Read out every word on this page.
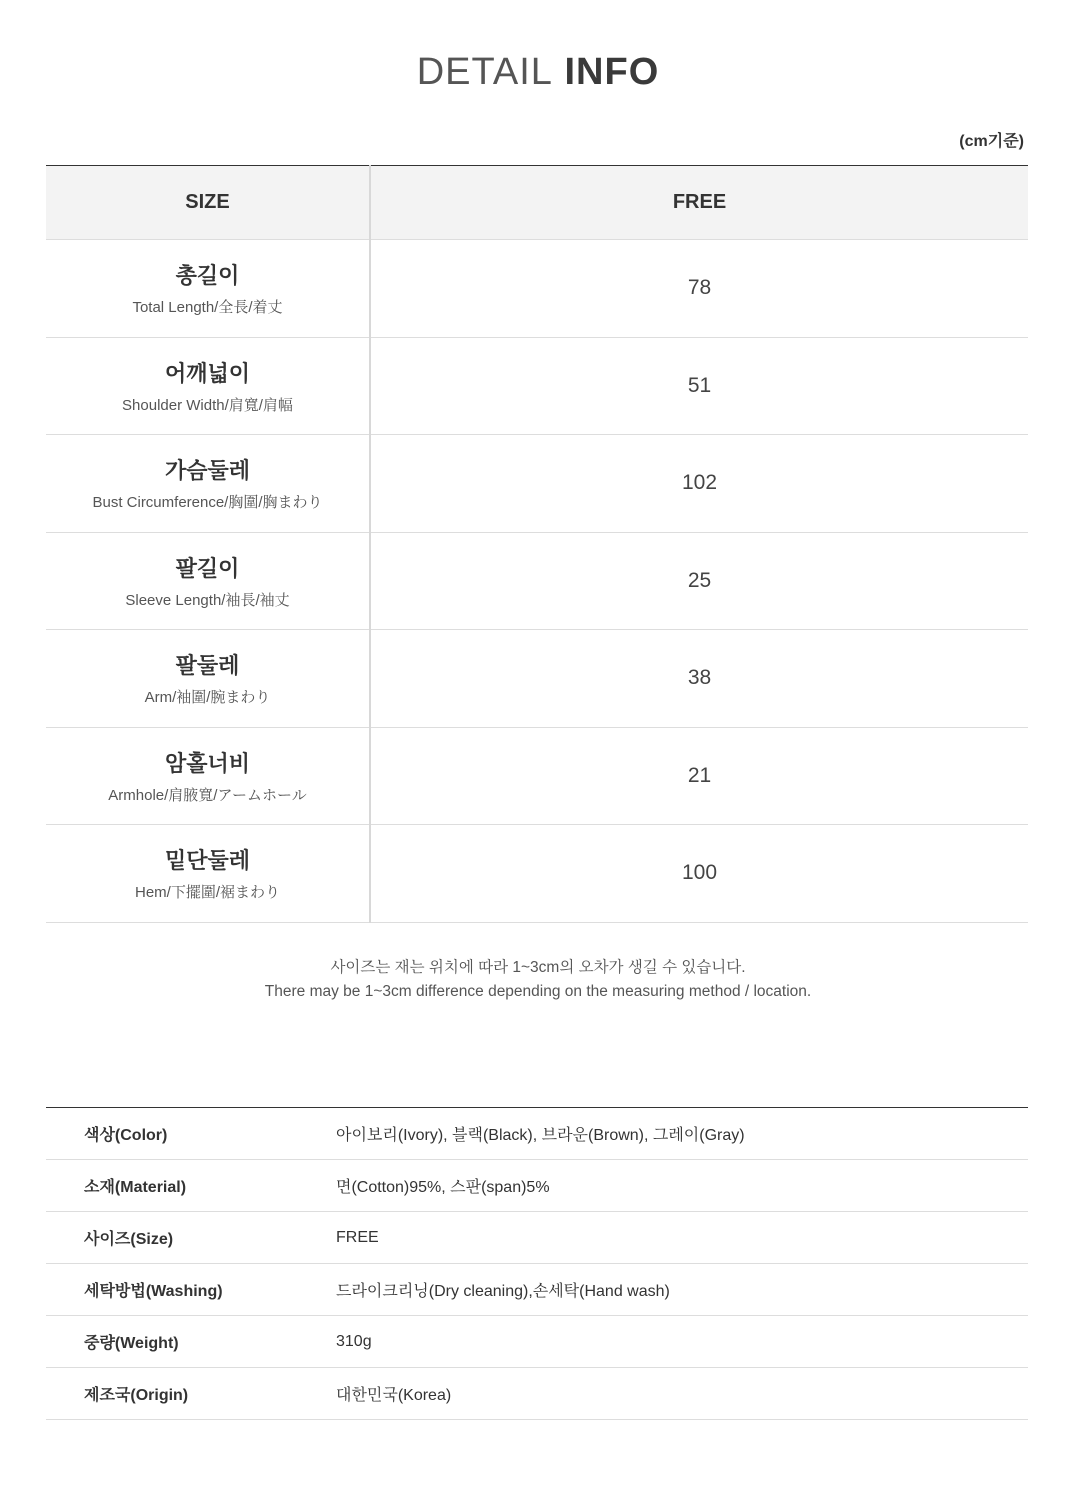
DETAIL INFO
(cm기준)
SIZE	FREE

총길이
Total Length/全長/着丈	78

어깨넓이
Shoulder Width/肩寬/肩幅	51

가슴둘레
Bust Circumference/胸圍/胸まわり	102

팔길이
Sleeve Length/袖長/袖丈	25

팔둘레
Arm/袖圍/腕まわり	38

암홀너비
Armhole/肩腋寬/アームホール	21

밑단둘레
Hem/下擺圍/裾まわり	100
사이즈는 재는 위치에 따라 1~3cm의 오차가 생길 수 있습니다.
There may be 1~3cm difference depending on the measuring method / location.
색상(Color)	아이보리(Ivory), 블랙(Black), 브라운(Brown), 그레이(Gray)
소재(Material)	면(Cotton)95%, 스판(span)5%
사이즈(Size)	FREE
세탁방법(Washing)	드라이크리닝(Dry cleaning),손세탁(Hand wash)
중량(Weight)	310g
제조국(Origin)	대한민국(Korea)
